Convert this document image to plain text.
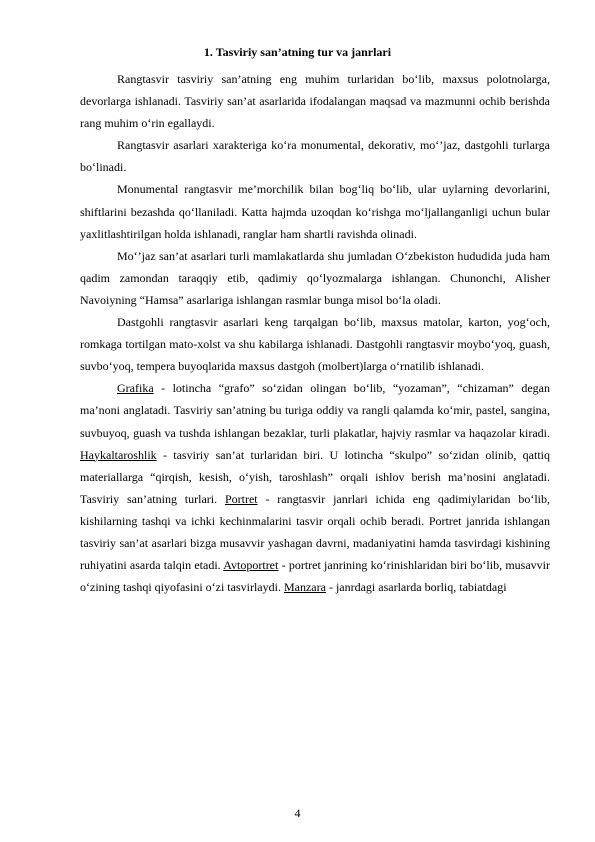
1. Tasviriy san’atning tur va janrlari

Rangtasvir tasviriy san’atning eng muhim turlaridan bo‘lib, maxsus polotnolarga, devorlarga ishlanadi. Tasviriy san’at asarlarida ifodalangan maqsad va mazmunni ochib berishda rang muhim o‘rin egallaydi.

Rangtasvir asarlari xarakteriga ko‘ra monumental, dekorativ, mo‘’jaz, dastgohli turlarga bo‘linadi.

Monumental rangtasvir me’morchilik bilan bog‘liq bo‘lib, ular uylarning devorlarini, shiftlarini bezashda qo‘llaniladi. Katta hajmda uzoqdan ko‘rishga mo‘ljallanganligi uchun bular yaxlitlashtirilgan holda ishlanadi, ranglar ham shartli ravishda olinadi.

Mo‘’jaz san’at asarlari turli mamlakatlarda shu jumladan O‘zbekiston hududida juda ham qadim zamondan taraqqiy etib, qadimiy qo‘lyozmalarga ishlangan. Chunonchi, Alisher Navoiyning “Hamsa” asarlariga ishlangan rasmlar bunga misol bo‘la oladi.

Dastgohli rangtasvir asarlari keng tarqalgan bo‘lib, maxsus matolar, karton, yog‘och, romkaga tortilgan mato-xolst va shu kabilarga ishlanadi. Dastgohli rangtasvir moybo‘yoq, guash, suvbo‘yoq, tempera buyoqlarida maxsus dastgoh (molbert)larga o‘rnatilib ishlanadi.

Grafika - lotincha “grafo” so‘zidan olingan bo‘lib, “yozaman”, “chizaman” degan ma’noni anglatadi. Tasviriy san’atning bu turiga oddiy va rangli qalamda ko‘mir, pastel, sangina, suvbuyoq, guash va tushda ishlangan bezaklar, turli plakatlar, hajviy rasmlar va haqazolar kiradi. Haykaltaroshlik - tasviriy san’at turlaridan biri. U lotincha “skulpo” so‘zidan olinib, qattiq materiallarga “qirqish, kesish, o‘yish, taroshlash” orqali ishlov berish ma’nosini anglatadi. Tasviriy san’atning turlari. Portret - rangtasvir janrlari ichida eng qadimiylaridan bo‘lib, kishilarning tashqi va ichki kechinmalarini tasvir orqali ochib beradi. Portret janrida ishlangan tasviriy san’at asarlari bizga musavvir yashagan davrni, madaniyatini hamda tasvirdagi kishining ruhiyatini asarda talqin etadi. Avtoportret - portret janrining ko‘rinishlaridan biri bo‘lib, musavvir o‘zining tashqi qiyofasini o‘zi tasvirlaydi. Manzara - janrdagi asarlarda borliq, tabiatdagi

4
